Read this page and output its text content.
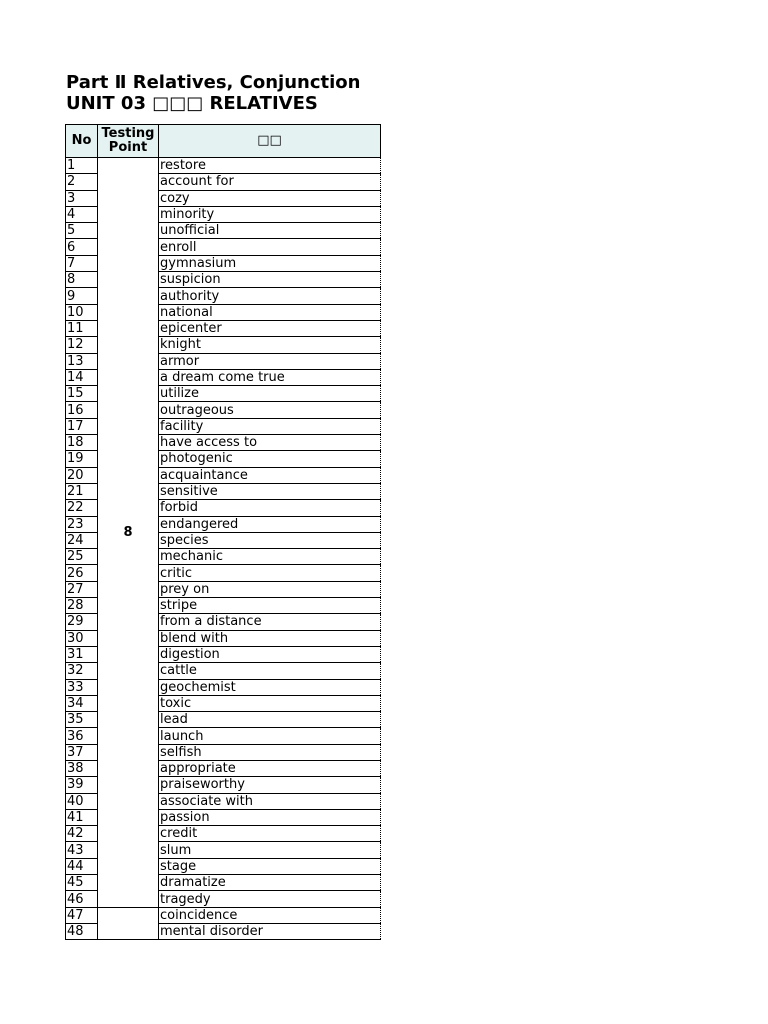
Part Ⅱ Relatives, Conjunction
UNIT 03 □□□ RELATIVES
No	Testing Point	□□
1	8	restore
2		account for
3		cozy
4		minority
5		unofficial
6		enroll
7		gymnasium
8		suspicion
9		authority
10		national
11		epicenter
12		knight
13		armor
14		a dream come true
15		utilize
16		outrageous
17		facility
18		have access to
19		photogenic
20		acquaintance
21		sensitive
22		forbid
23		endangered
24		species
25		mechanic
26		critic
27		prey on
28		stripe
29		from a distance
30		blend with
31		digestion
32		cattle
33		geochemist
34		toxic
35		lead
36		launch
37		selfish
38		appropriate
39		praiseworthy
40		associate with
41		passion
42		credit
43		slum
44		stage
45		dramatize
46		tragedy
47		coincidence
48		mental disorder
